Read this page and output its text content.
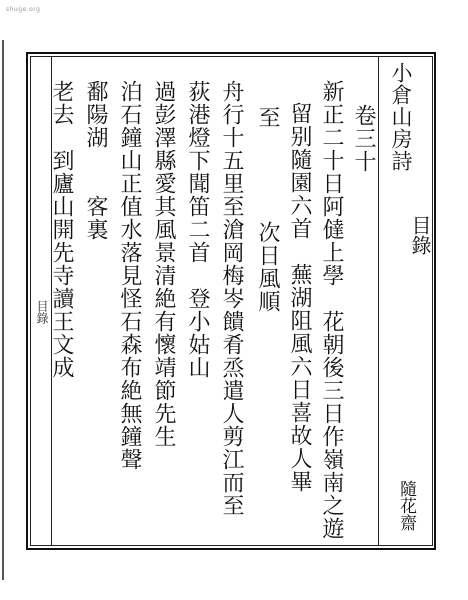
shuge.org
目錄
小倉山房詩
目錄
隨花齋
卷三十
新正二十日阿㒓上學　花朝後三日作嶺南之遊
留别隨園六首　蕪湖阻風六日喜故人畢
至　　　　次日風順
舟行十五里至滄岡梅岑饋肴烝遣人剪江而至
荻港燈下聞笛二首　登小姑山
過彭澤縣愛其風景清絶有懷靖節先生
泊石鐘山正值水落見怪石森布絶無鐘聲
鄱陽湖　　客裏
老去　到廬山開先寺讀王文成
